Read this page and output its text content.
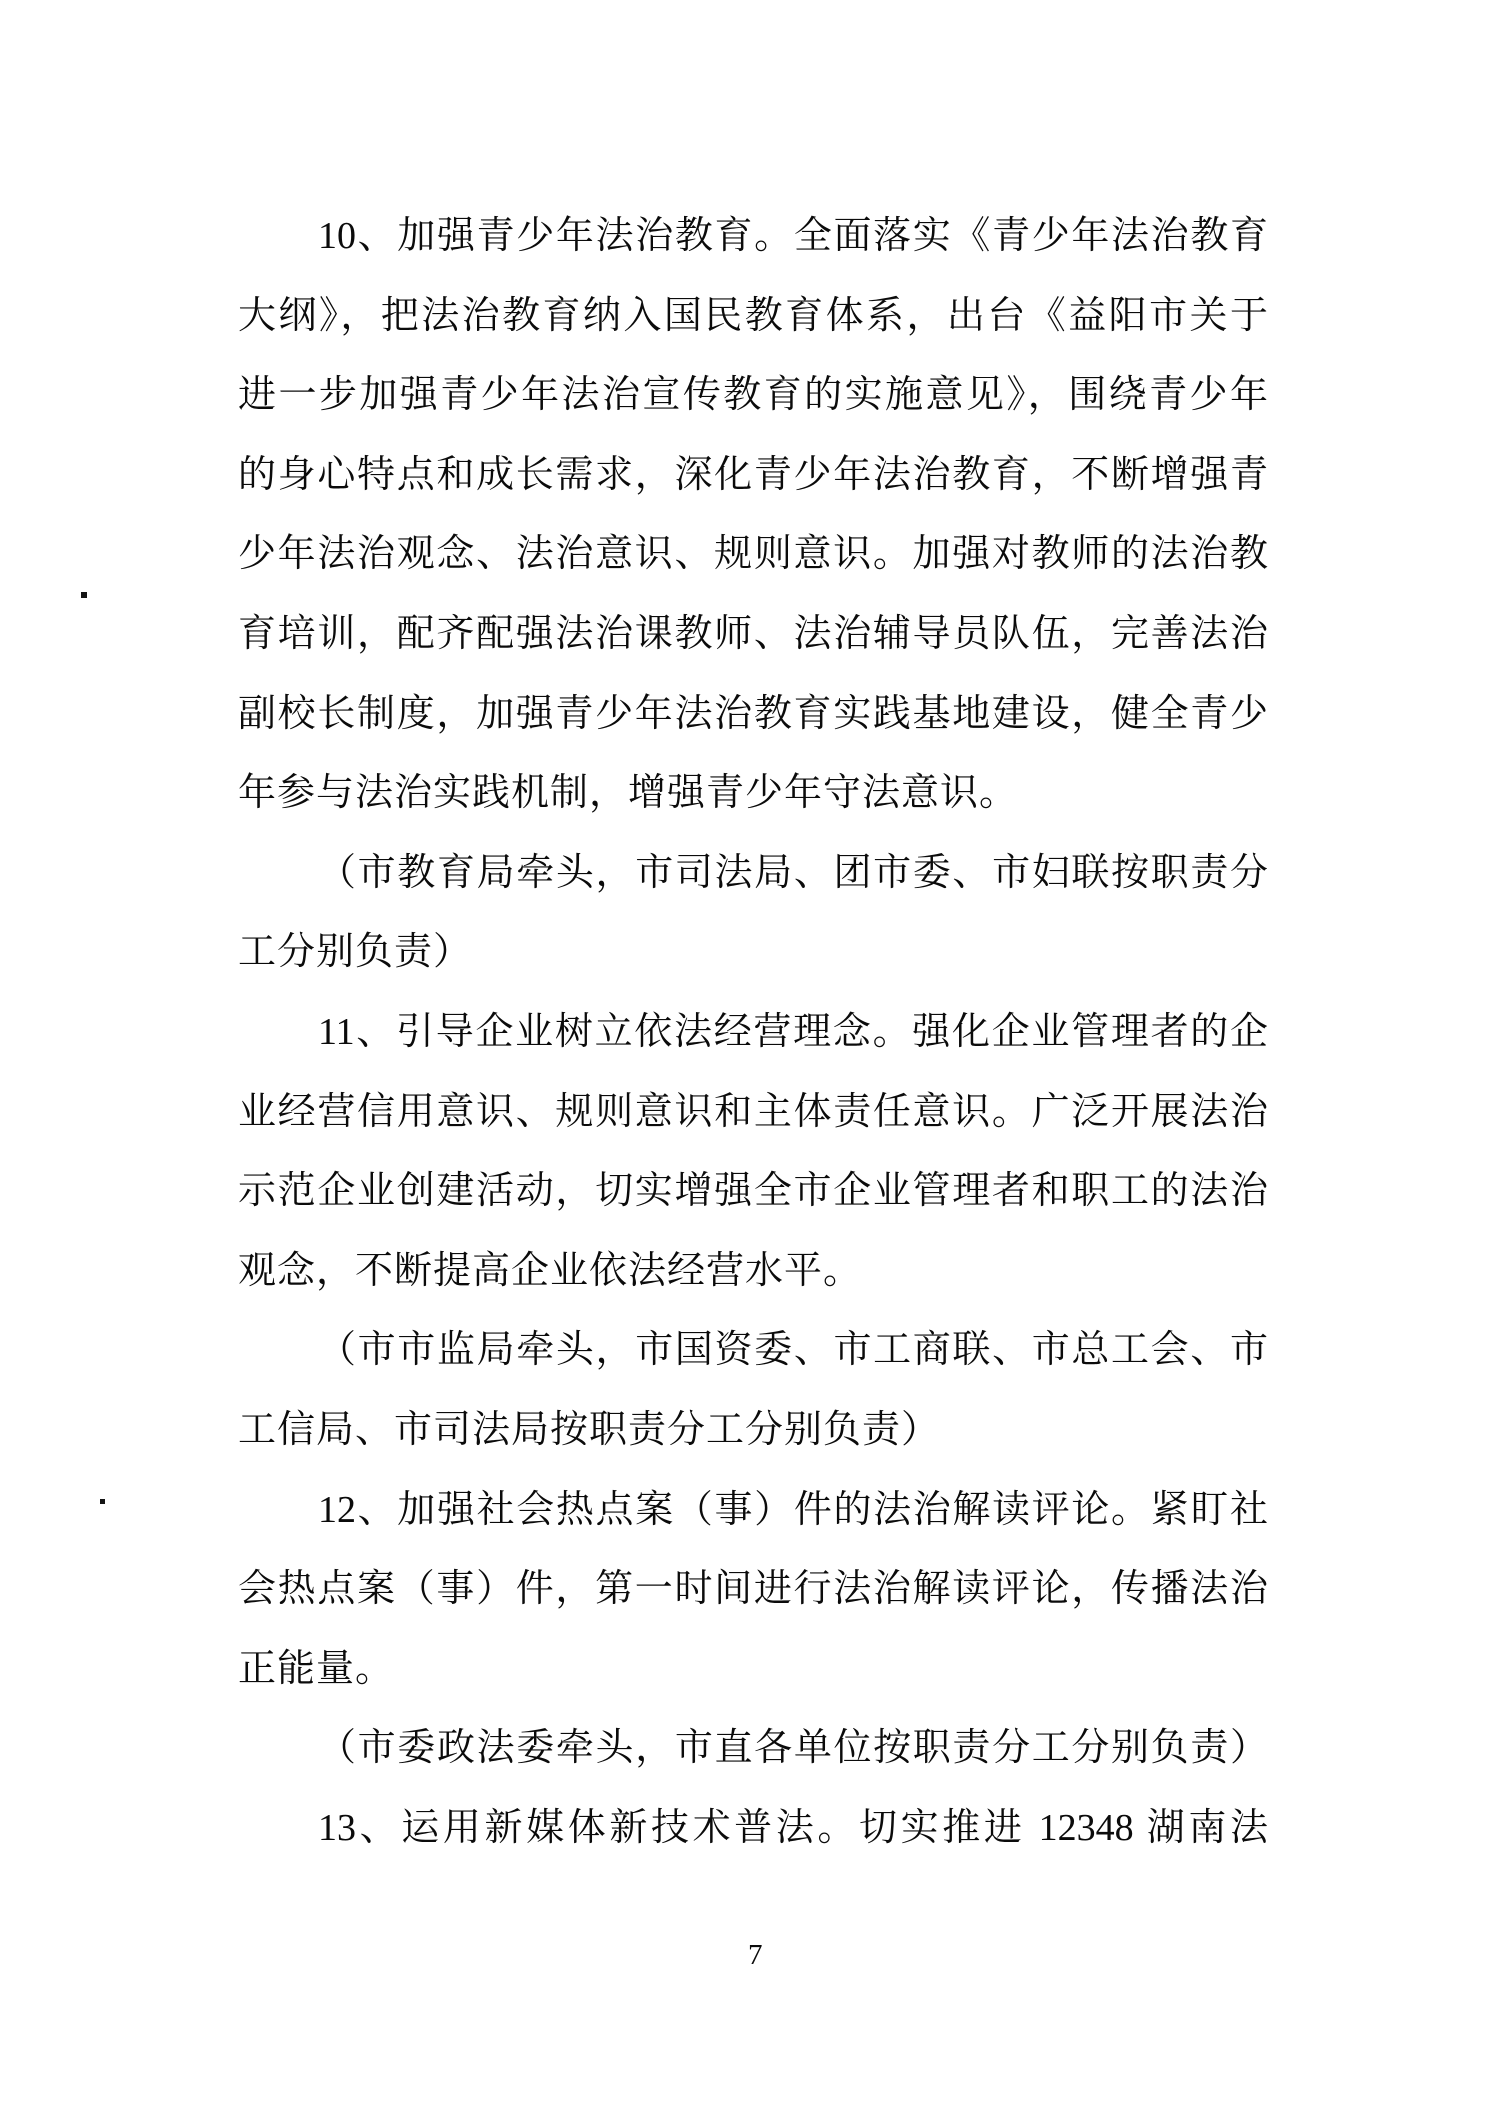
10、加强青少年法治教育。全面落实《青少年法治教育
大纲》，把法治教育纳入国民教育体系，出台《益阳市关于
进一步加强青少年法治宣传教育的实施意见》，围绕青少年
的身心特点和成长需求，深化青少年法治教育，不断增强青
少年法治观念、法治意识、规则意识。加强对教师的法治教
育培训，配齐配强法治课教师、法治辅导员队伍，完善法治
副校长制度，加强青少年法治教育实践基地建设，健全青少
年参与法治实践机制，增强青少年守法意识。
（市教育局牵头，市司法局、团市委、市妇联按职责分
工分别负责）
11、引导企业树立依法经营理念。强化企业管理者的企
业经营信用意识、规则意识和主体责任意识。广泛开展法治
示范企业创建活动，切实增强全市企业管理者和职工的法治
观念，不断提高企业依法经营水平。
（市市监局牵头，市国资委、市工商联、市总工会、市
工信局、市司法局按职责分工分别负责）
12、加强社会热点案（事）件的法治解读评论。紧盯社
会热点案（事）件，第一时间进行法治解读评论，传播法治
正能量。
（市委政法委牵头，市直各单位按职责分工分别负责）
13、运用新媒体新技术普法。切实推进 12348 湖南法
7
